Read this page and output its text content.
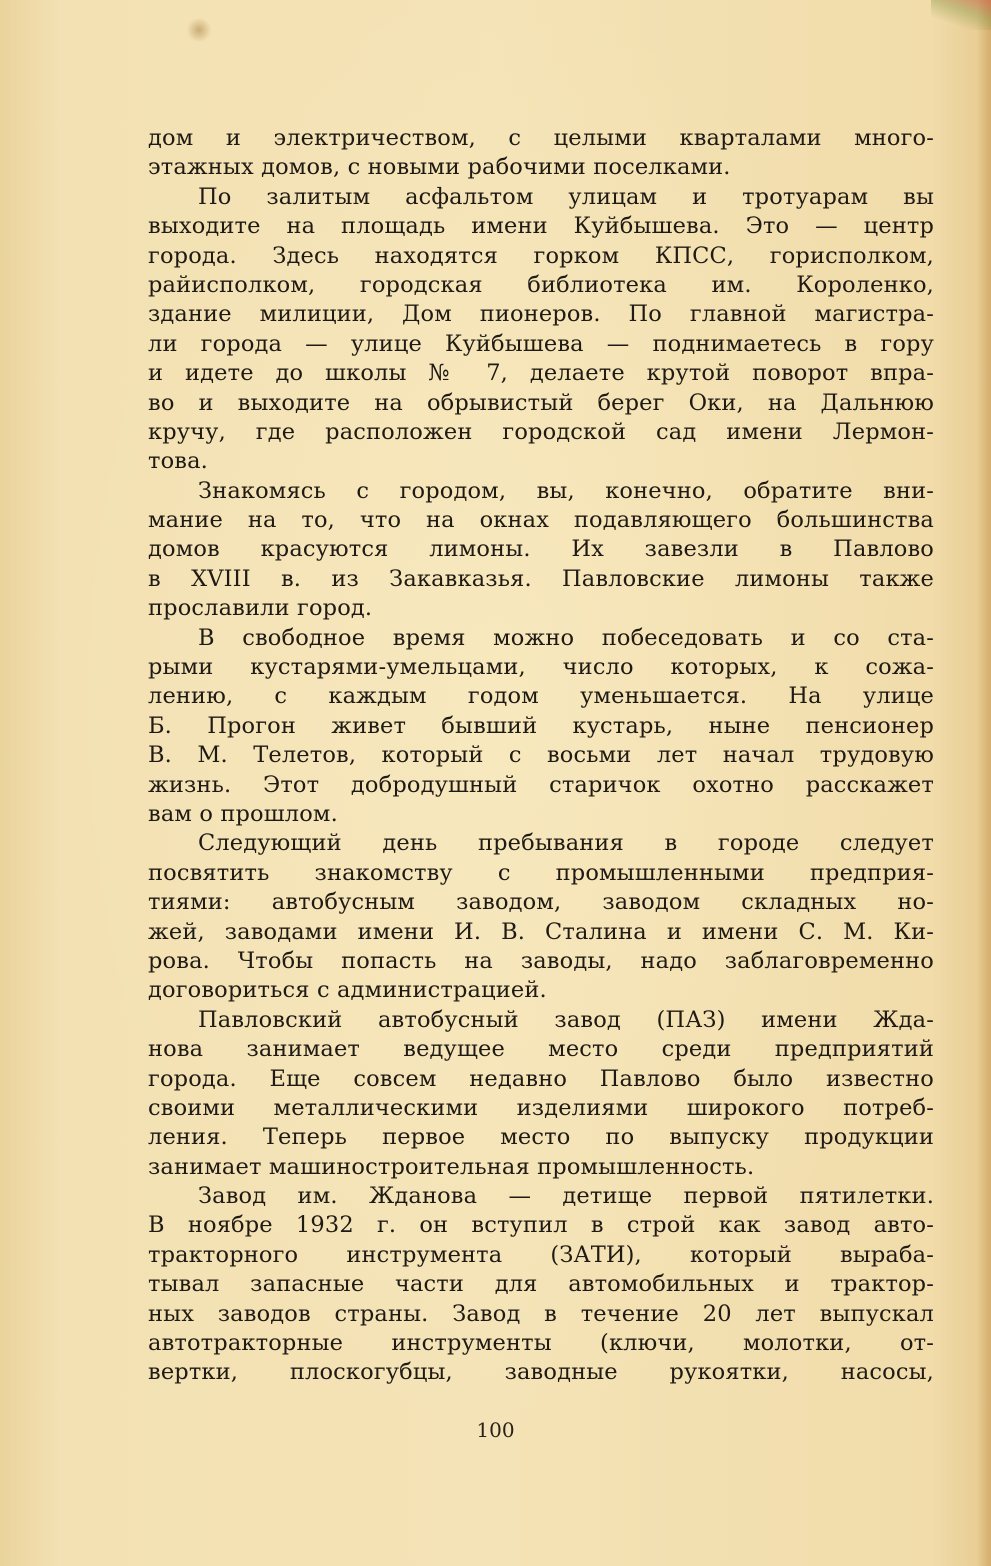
дом и электричеством, с целыми кварталами много-
этажных домов, с новыми рабочими поселками.
По залитым асфальтом улицам и тротуарам вы
выходите на площадь имени Куйбышева. Это — центр
города. Здесь находятся горком КПСС, горисполком,
райисполком, городская библиотека им. Короленко,
здание милиции, Дом пионеров. По главной магистра-
ли города — улице Куйбышева — поднимаетесь в гору
и идете до школы № 7, делаете крутой поворот впра-
во и выходите на обрывистый берег Оки, на Дальнюю
кручу, где расположен городской сад имени Лермон-
това.
Знакомясь с городом, вы, конечно, обратите вни-
мание на то, что на окнах подавляющего большинства
домов красуются лимоны. Их завезли в Павлово
в XVIII в. из Закавказья. Павловские лимоны также
прославили город.
В свободное время можно побеседовать и со ста-
рыми кустарями-умельцами, число которых, к сожа-
лению, с каждым годом уменьшается. На улице
Б. Прогон живет бывший кустарь, ныне пенсионер
В. М. Телетов, который с восьми лет начал трудовую
жизнь. Этот добродушный старичок охотно расскажет
вам о прошлом.
Следующий день пребывания в городе следует
посвятить знакомству с промышленными предприя-
тиями: автобусным заводом, заводом складных но-
жей, заводами имени И. В. Сталина и имени С. М. Ки-
рова. Чтобы попасть на заводы, надо заблаговременно
договориться с администрацией.
Павловский автобусный завод (ПАЗ) имени Жда-
нова занимает ведущее место среди предприятий
города. Еще совсем недавно Павлово было известно
своими металлическими изделиями широкого потреб-
ления. Теперь первое место по выпуску продукции
занимает машиностроительная промышленность.
Завод им. Жданова — детище первой пятилетки.
В ноябре 1932 г. он вступил в строй как завод авто-
тракторного инструмента (ЗАТИ), который выраба-
тывал запасные части для автомобильных и трактор-
ных заводов страны. Завод в течение 20 лет выпускал
автотракторные инструменты (ключи, молотки, от-
вертки, плоскогубцы, заводные рукоятки, насосы,
100
